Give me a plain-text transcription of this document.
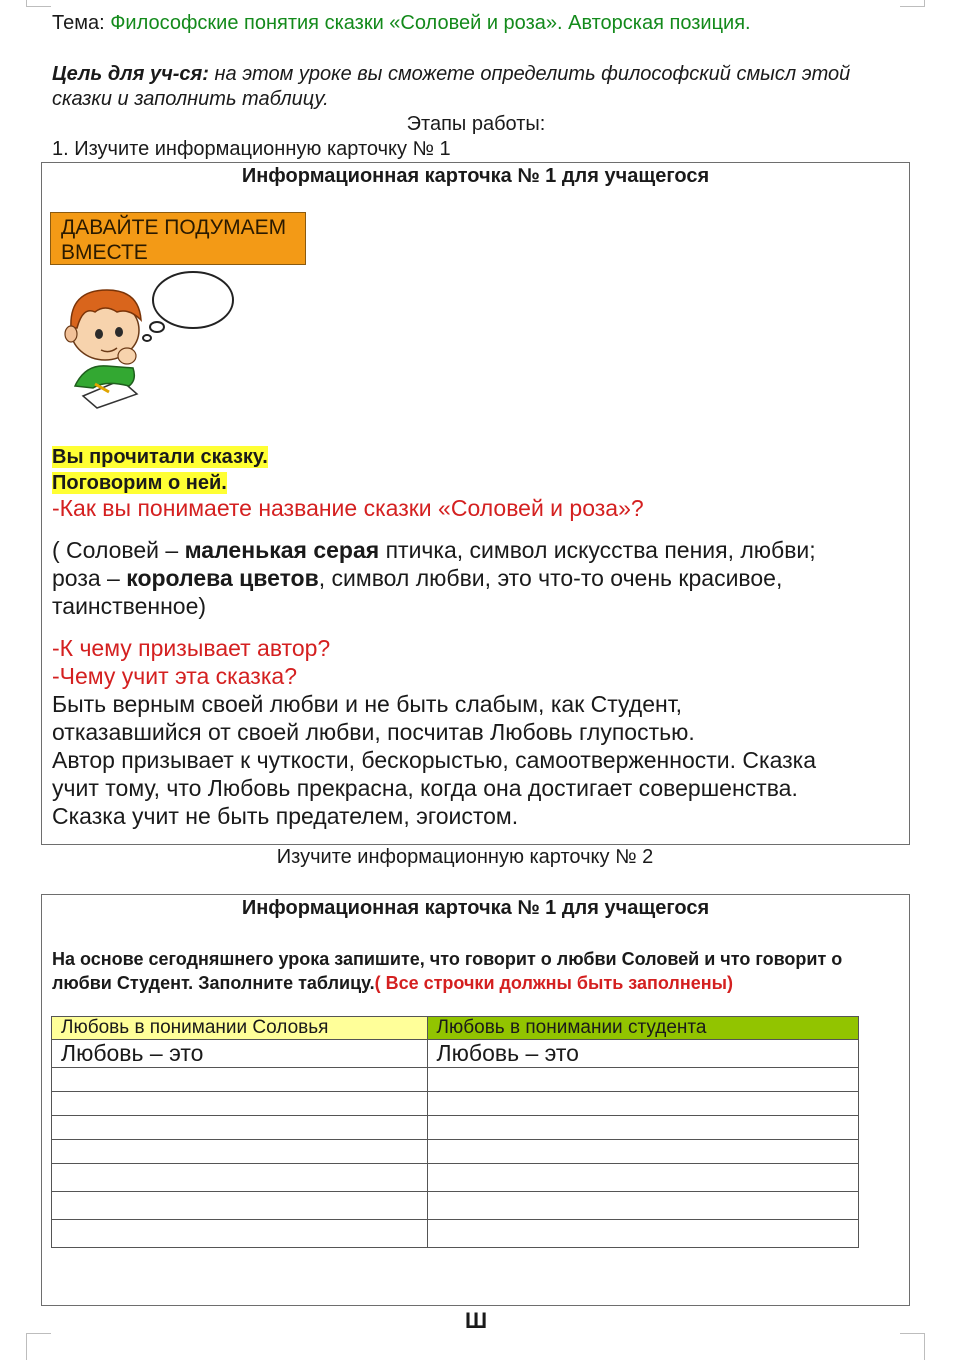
Тема: Философские понятия сказки «Соловей и роза». Авторская позиция.
Цель для уч-ся: на этом уроке вы сможете определить философский смысл этой
сказки и заполнить таблицу.
Этапы работы:
1. Изучите информационную карточку № 1
Информационная карточка № 1 для учащегося
ДАВАЙТЕ ПОДУМАЕМ
ВМЕСТЕ
Вы прочитали сказку.
Поговорим о ней.
-Как вы понимаете название сказки «Соловей и роза»?
( Соловей – маленькая серая птичка, символ искусства пения, любви;
роза – королева цветов, символ любви, это что-то очень красивое,
таинственное)
-К чему призывает автор?
-Чему учит эта сказка?
Быть верным своей любви и не быть слабым, как Студент,
отказавшийся от своей любви, посчитав Любовь глупостью.
Автор призывает к чуткости, бескорыстью, самоотверженности. Сказка
учит тому, что Любовь прекрасна, когда она достигает совершенства.
Сказка учит не быть предателем, эгоистом.
Изучите информационную карточку № 2
Информационная карточка № 1 для учащегося
На основе сегодняшнего урока запишите, что говорит о любви Соловей и что говорит о
любви Студент. Заполните таблицу.( Все строчки должны быть заполнены)
Любовь в понимании Соловья	Любовь в понимании студента
Любовь – это	Любовь – это

Ш
